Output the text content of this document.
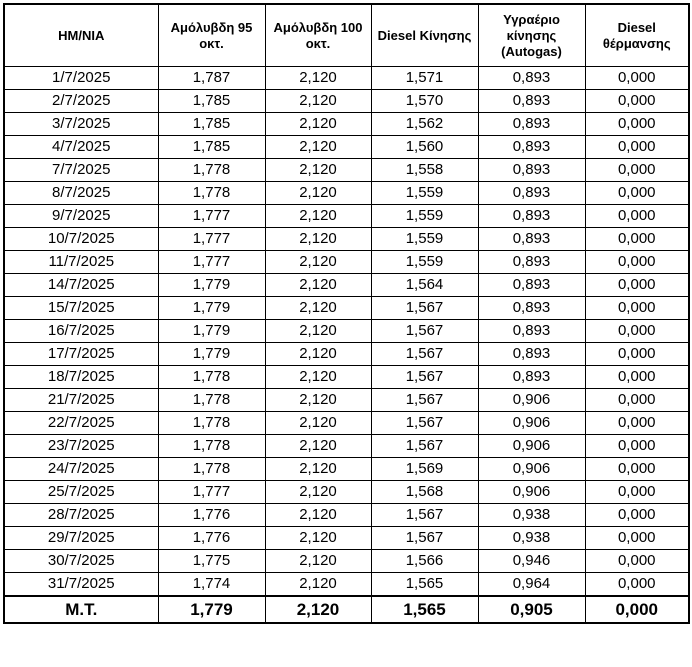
ΗΜ/ΝΙΑ	Αμόλυβδη 95 οκτ.	Αμόλυβδη 100 οκτ.	Diesel Κίνησης	Υγραέριο κίνησης (Autogas)	Diesel θέρμανσης
1/7/2025	1,787	2,120	1,571	0,893	0,000
2/7/2025	1,785	2,120	1,570	0,893	0,000
3/7/2025	1,785	2,120	1,562	0,893	0,000
4/7/2025	1,785	2,120	1,560	0,893	0,000
7/7/2025	1,778	2,120	1,558	0,893	0,000
8/7/2025	1,778	2,120	1,559	0,893	0,000
9/7/2025	1,777	2,120	1,559	0,893	0,000
10/7/2025	1,777	2,120	1,559	0,893	0,000
11/7/2025	1,777	2,120	1,559	0,893	0,000
14/7/2025	1,779	2,120	1,564	0,893	0,000
15/7/2025	1,779	2,120	1,567	0,893	0,000
16/7/2025	1,779	2,120	1,567	0,893	0,000
17/7/2025	1,779	2,120	1,567	0,893	0,000
18/7/2025	1,778	2,120	1,567	0,893	0,000
21/7/2025	1,778	2,120	1,567	0,906	0,000
22/7/2025	1,778	2,120	1,567	0,906	0,000
23/7/2025	1,778	2,120	1,567	0,906	0,000
24/7/2025	1,778	2,120	1,569	0,906	0,000
25/7/2025	1,777	2,120	1,568	0,906	0,000
28/7/2025	1,776	2,120	1,567	0,938	0,000
29/7/2025	1,776	2,120	1,567	0,938	0,000
30/7/2025	1,775	2,120	1,566	0,946	0,000
31/7/2025	1,774	2,120	1,565	0,964	0,000
Μ.Τ.	1,779	2,120	1,565	0,905	0,000
